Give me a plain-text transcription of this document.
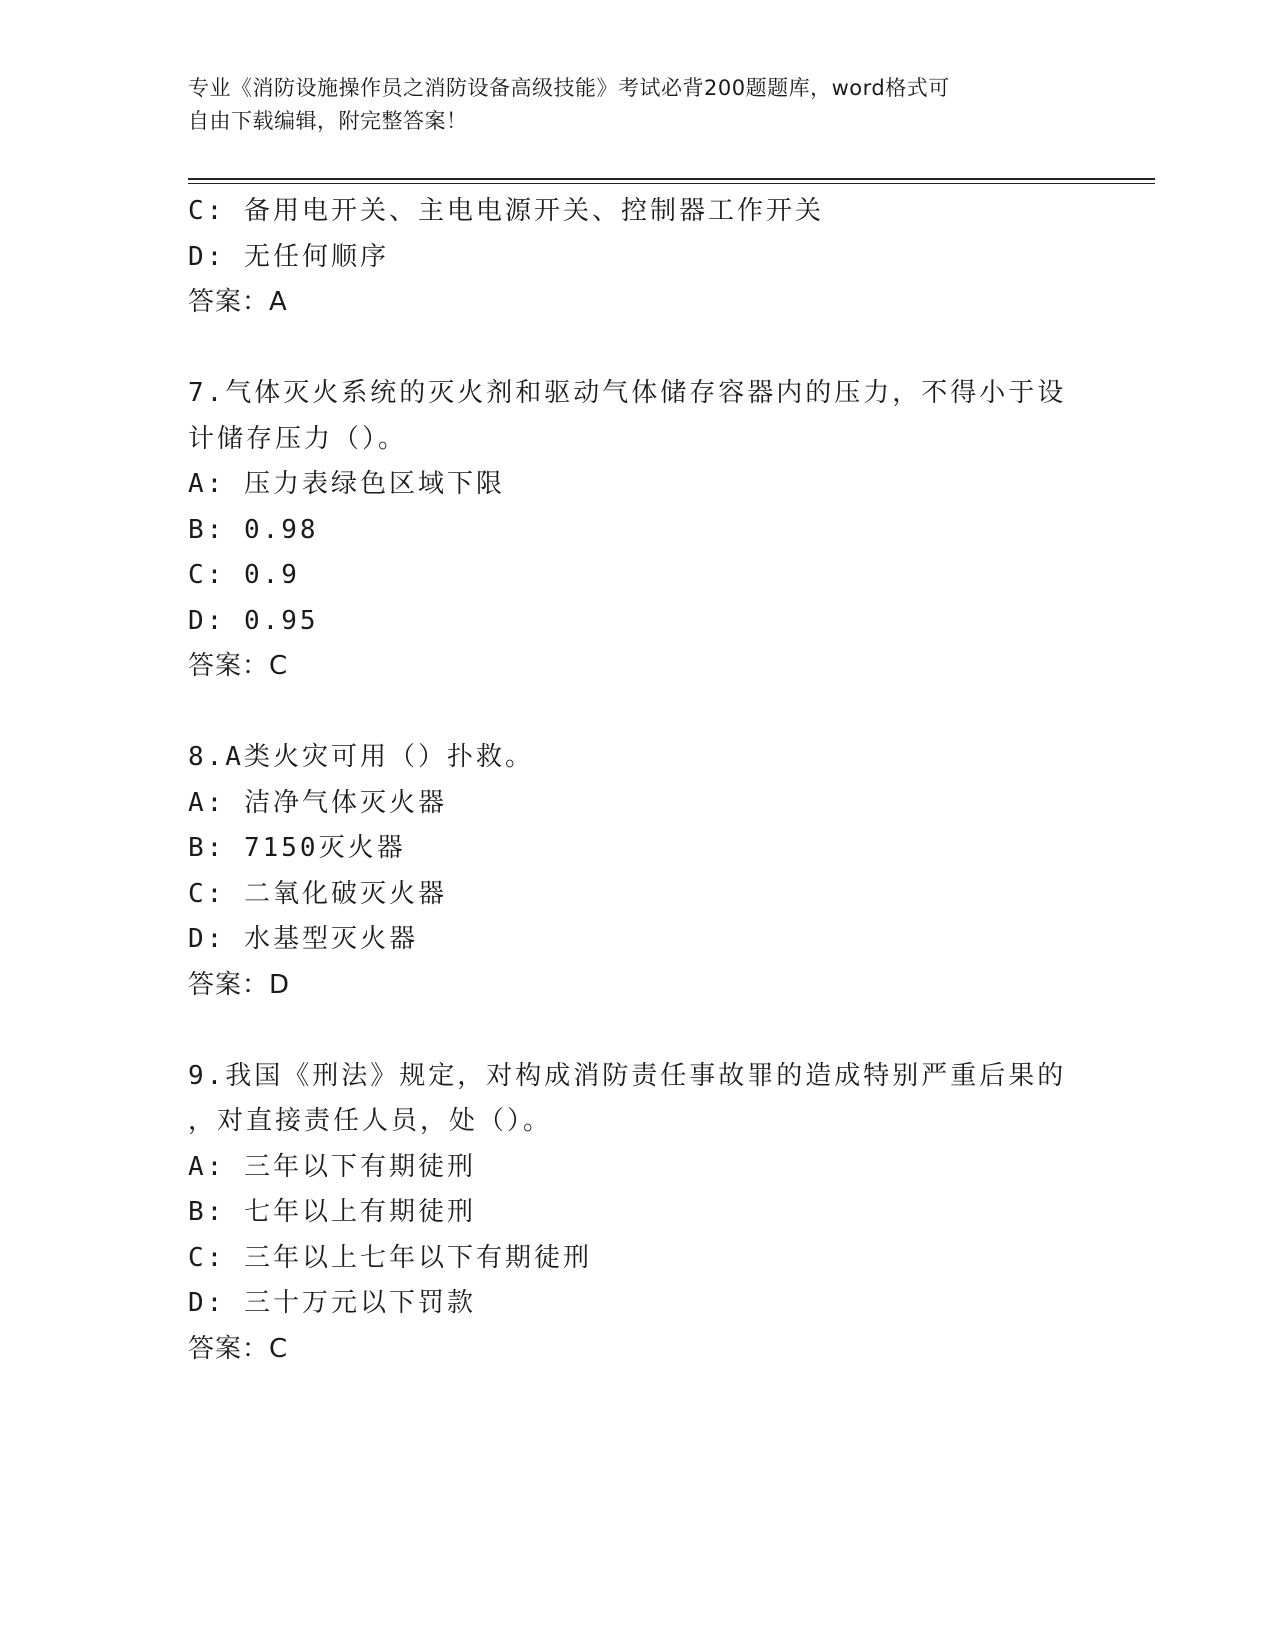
专业《消防设施操作员之消防设备高级技能》考试必背200题题库，word格式可
自由下载编辑，附完整答案！
C: 备用电开关、主电电源开关、控制器工作开关
D: 无任何顺序
答案：A
7.气体灭火系统的灭火剂和驱动气体储存容器内的压力，不得小于设
计储存压力（）。
A: 压力表绿色区域下限
B: 0.98
C: 0.9
D: 0.95
答案：C
8.A类火灾可用（）扑救。
A: 洁净气体灭火器
B: 7150灭火器
C: 二氧化破灭火器
D: 水基型灭火器
答案：D
9.我国《刑法》规定，对构成消防责任事故罪的造成特别严重后果的
，对直接责任人员，处（）。
A: 三年以下有期徒刑
B: 七年以上有期徒刑
C: 三年以上七年以下有期徒刑
D: 三十万元以下罚款
答案：C
